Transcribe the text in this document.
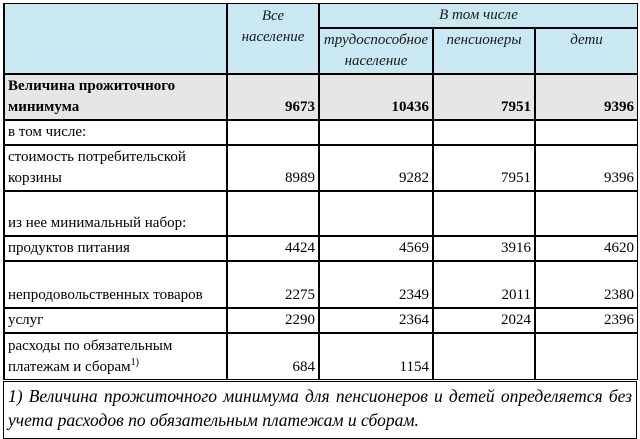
	Все население	В том числе		
		трудоспособное население	пенсионеры	дети
Величина прожиточного минимума	9673	10436	7951	9396
в том числе:				
стоимость потребительской корзины	8989	9282	7951	9396
из нее минимальный набор:				
продуктов питания	4424	4569	3916	4620
непродовольственных товаров	2275	2349	2011	2380
услуг	2290	2364	2024	2396
расходы по обязательным платежам и сборам$^{1)}$	684	1154		
1) Величина прожиточного минимума для пенсионеров и детей определяется без учета расходов по обязательным платежам и сборам.
